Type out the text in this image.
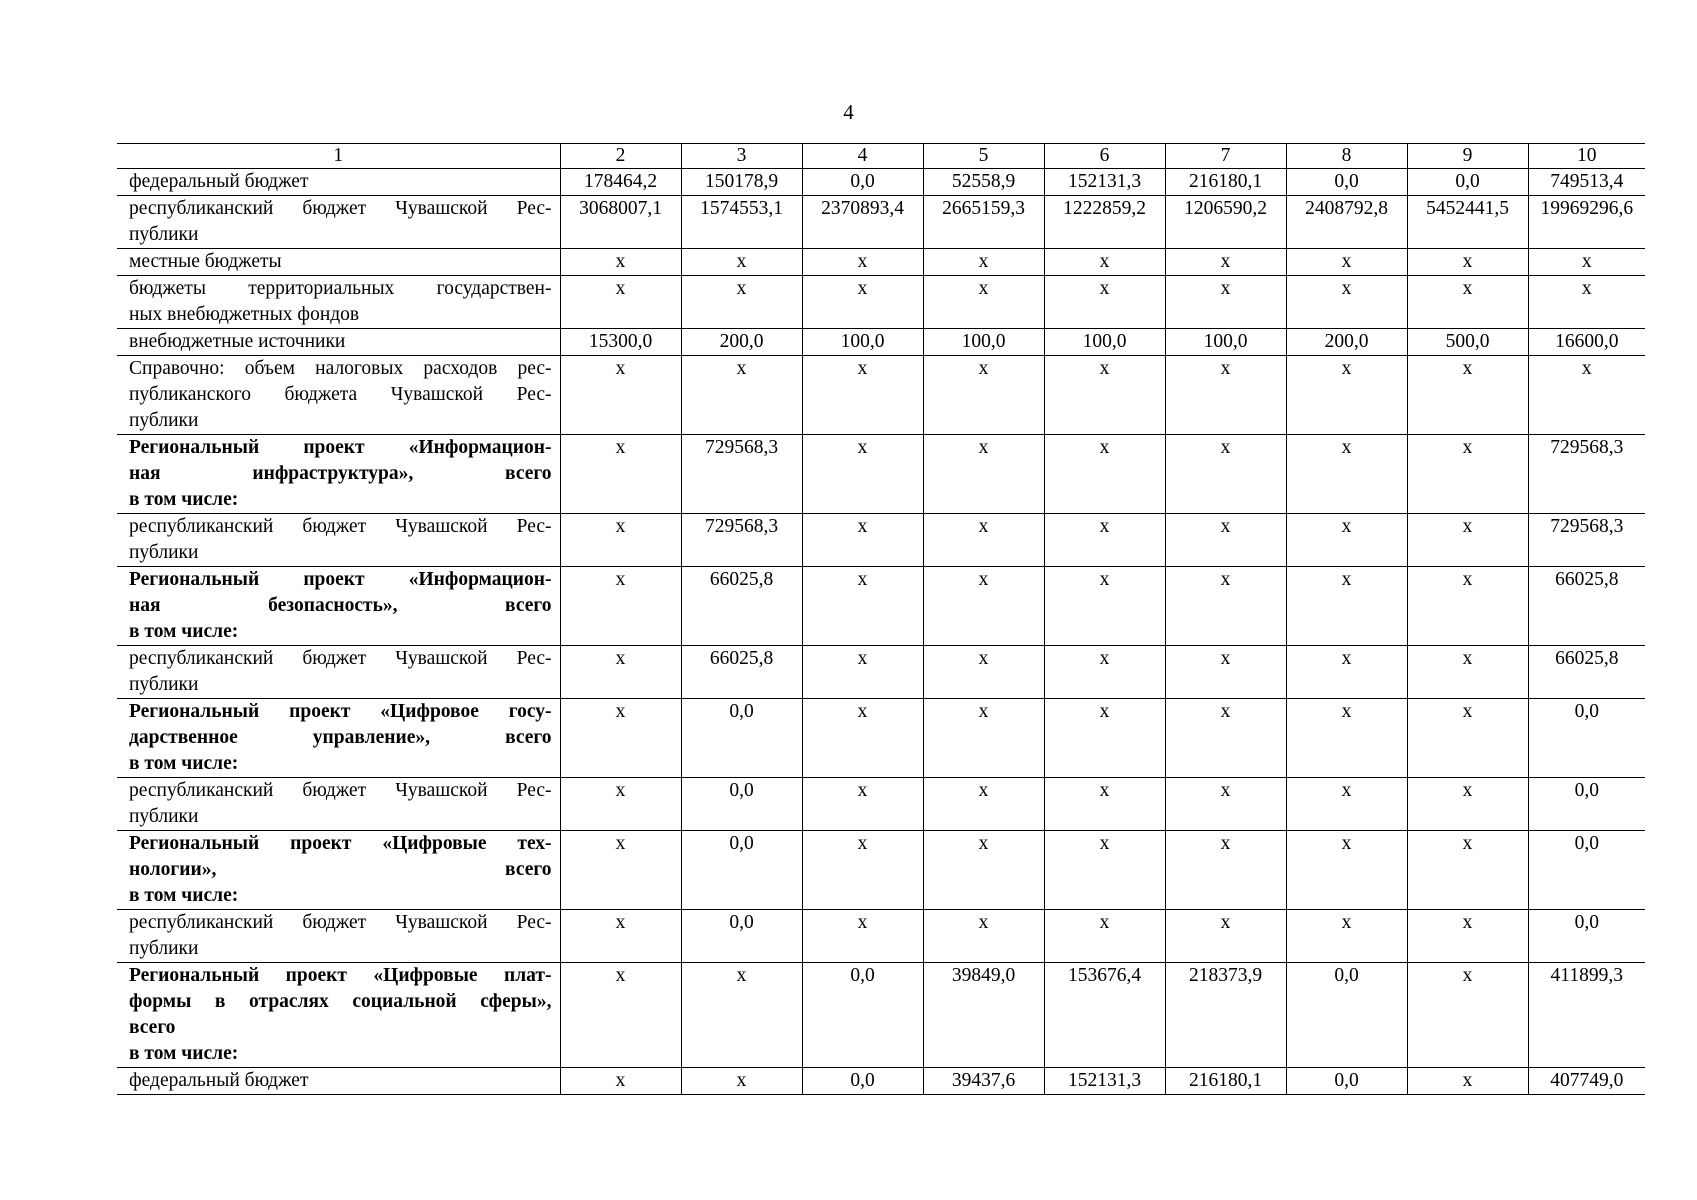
4
1	2	3	4	5	6	7	8	9	10

федеральный бюджет	178464,2	150178,9	0,0	52558,9	152131,3	216180,1	0,0	0,0	749513,4

республиканский бюджет Чувашской Рес-
публики	3068007,1	1574553,1	2370893,4	2665159,3	1222859,2	1206590,2	2408792,8	5452441,5	19969296,6

местные бюджеты	x	x	x	x	x	x	x	x	x

бюджеты территориальных государствен-
ных внебюджетных фондов	x	x	x	x	x	x	x	x	x

внебюджетные источники	15300,0	200,0	100,0	100,0	100,0	100,0	200,0	500,0	16600,0

Справочно: объем налоговых расходов рес-
публиканского бюджета Чувашской Рес-
публики	x	x	x	x	x	x	x	x	x

Региональный проект «Информацион-
ная инфраструктура», всего
в том числе:	x	729568,3	x	x	x	x	x	x	729568,3

республиканский бюджет Чувашской Рес-
публики	x	729568,3	x	x	x	x	x	x	729568,3

Региональный проект «Информацион-
ная безопасность», всего
в том числе:	x	66025,8	x	x	x	x	x	x	66025,8

республиканский бюджет Чувашской Рес-
публики	x	66025,8	x	x	x	x	x	x	66025,8

Региональный проект «Цифровое госу-
дарственное управление», всего
в том числе:	x	0,0	x	x	x	x	x	x	0,0

республиканский бюджет Чувашской Рес-
публики	x	0,0	x	x	x	x	x	x	0,0

Региональный проект «Цифровые тех-
нологии», всего
в том числе:	x	0,0	x	x	x	x	x	x	0,0

республиканский бюджет Чувашской Рес-
публики	x	0,0	x	x	x	x	x	x	0,0

Региональный проект «Цифровые плат-
формы в отраслях социальной сферы»,
всего
в том числе:	x	x	0,0	39849,0	153676,4	218373,9	0,0	x	411899,3

федеральный бюджет	x	x	0,0	39437,6	152131,3	216180,1	0,0	x	407749,0
